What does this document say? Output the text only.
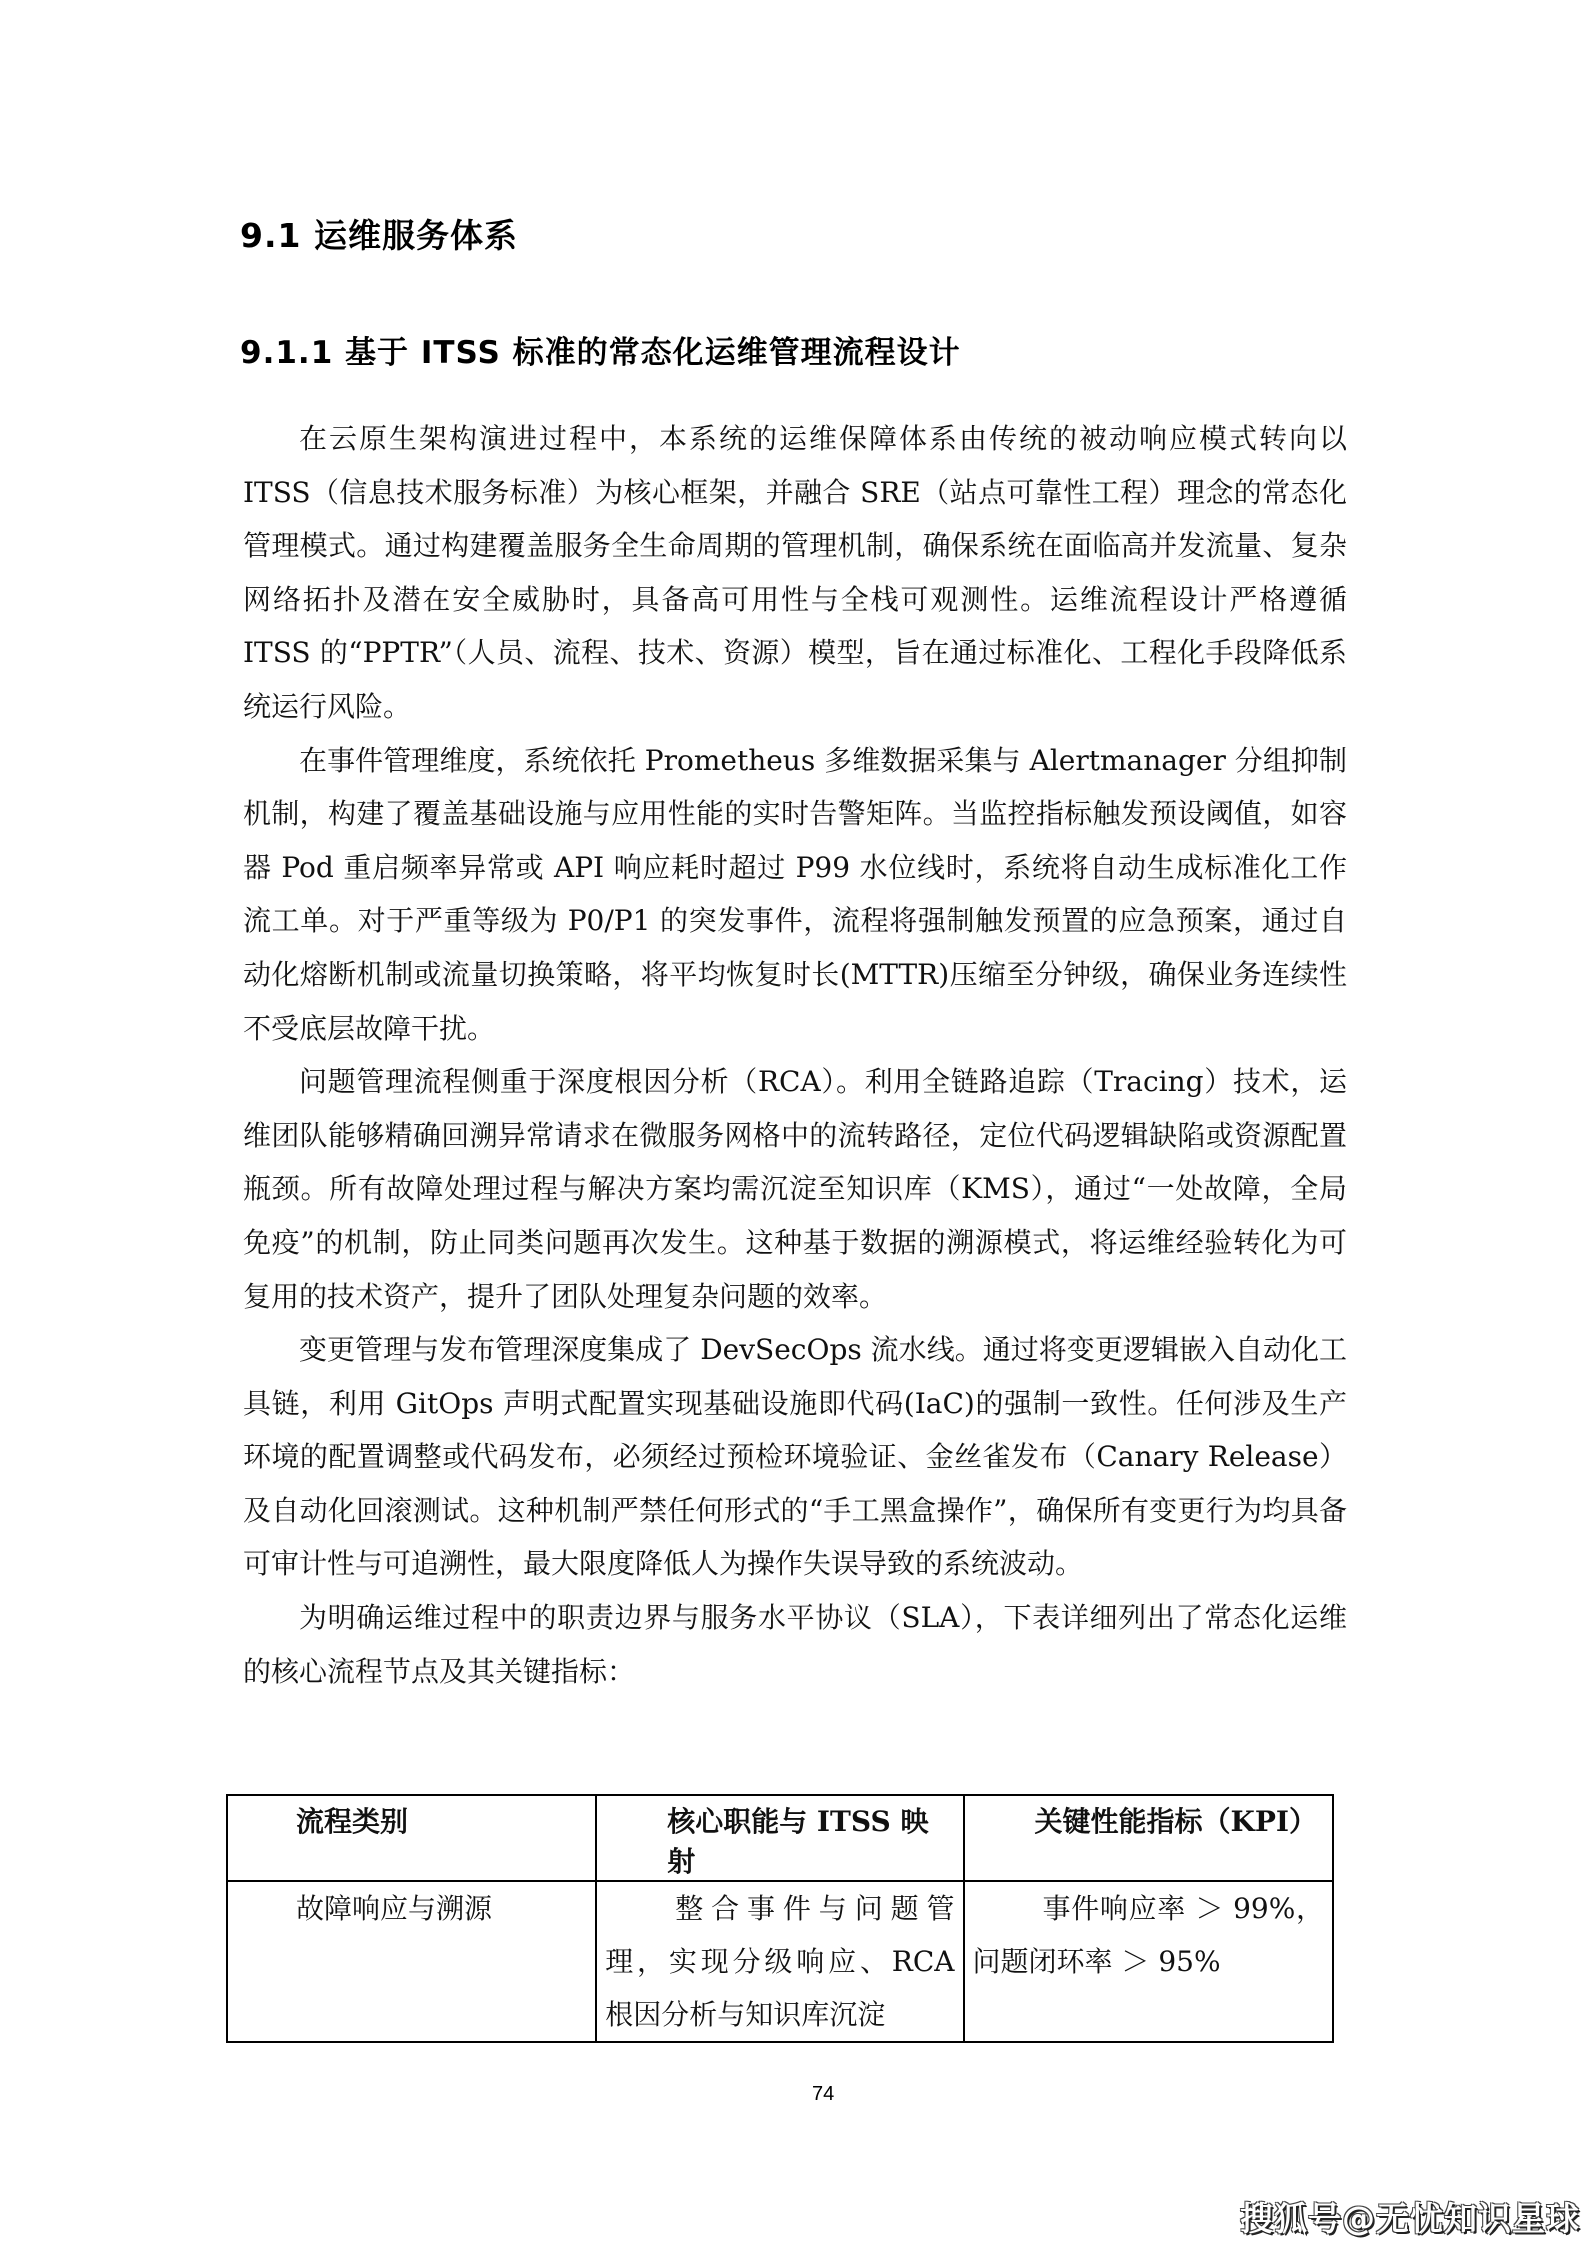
9.1 运维服务体系
9.1.1 基于 ITSS 标准的常态化运维管理流程设计

在云原生架构演进过程中，本系统的运维保障体系由传统的被动响应模式转向以 ITSS（信息技术服务标准）为核心框架，并融合 SRE（站点可靠性工程）理念的常态化管理模式。通过构建覆盖服务全生命周期的管理机制，确保系统在面临高并发流量、复杂网络拓扑及潜在安全威胁时，具备高可用性与全栈可观测性。运维流程设计严格遵循 ITSS 的“PPTR”（人员、流程、技术、资源）模型，旨在通过标准化、工程化手段降低系统运行风险。

在事件管理维度，系统依托 Prometheus 多维数据采集与 Alertmanager 分组抑制机制，构建了覆盖基础设施与应用性能的实时告警矩阵。当监控指标触发预设阈值，如容器 Pod 重启频率异常或 API 响应耗时超过 P99 水位线时，系统将自动生成标准化工作流工单。对于严重等级为 P0/P1 的突发事件，流程将强制触发预置的应急预案，通过自动化熔断机制或流量切换策略，将平均恢复时长(MTTR)压缩至分钟级，确保业务连续性不受底层故障干扰。

问题管理流程侧重于深度根因分析（RCA）。利用全链路追踪（Tracing）技术，运维团队能够精确回溯异常请求在微服务网格中的流转路径，定位代码逻辑缺陷或资源配置瓶颈。所有故障处理过程与解决方案均需沉淀至知识库（KMS），通过“一处故障，全局免疫”的机制，防止同类问题再次发生。这种基于数据的溯源模式，将运维经验转化为可复用的技术资产，提升了团队处理复杂问题的效率。

变更管理与发布管理深度集成了 DevSecOps 流水线。通过将变更逻辑嵌入自动化工具链，利用 GitOps 声明式配置实现基础设施即代码(IaC)的强制一致性。任何涉及生产环境的配置调整或代码发布，必须经过预检环境验证、金丝雀发布（Canary Release）及自动化回滚测试。这种机制严禁任何形式的“手工黑盒操作”，确保所有变更行为均具备可审计性与可追溯性，最大限度降低人为操作失误导致的系统波动。

为明确运维过程中的职责边界与服务水平协议（SLA），下表详细列出了常态化运维的核心流程节点及其关键指标：

流程类别	核心职能与 ITSS 映射	关键性能指标（KPI）
故障响应与溯源	整合事件与问题管理，实现分级响应、RCA 根因分析与知识库沉淀	事件响应率 ＞ 99%，问题闭环率 ＞ 95%
74
搜狐号@无忧知识星球
